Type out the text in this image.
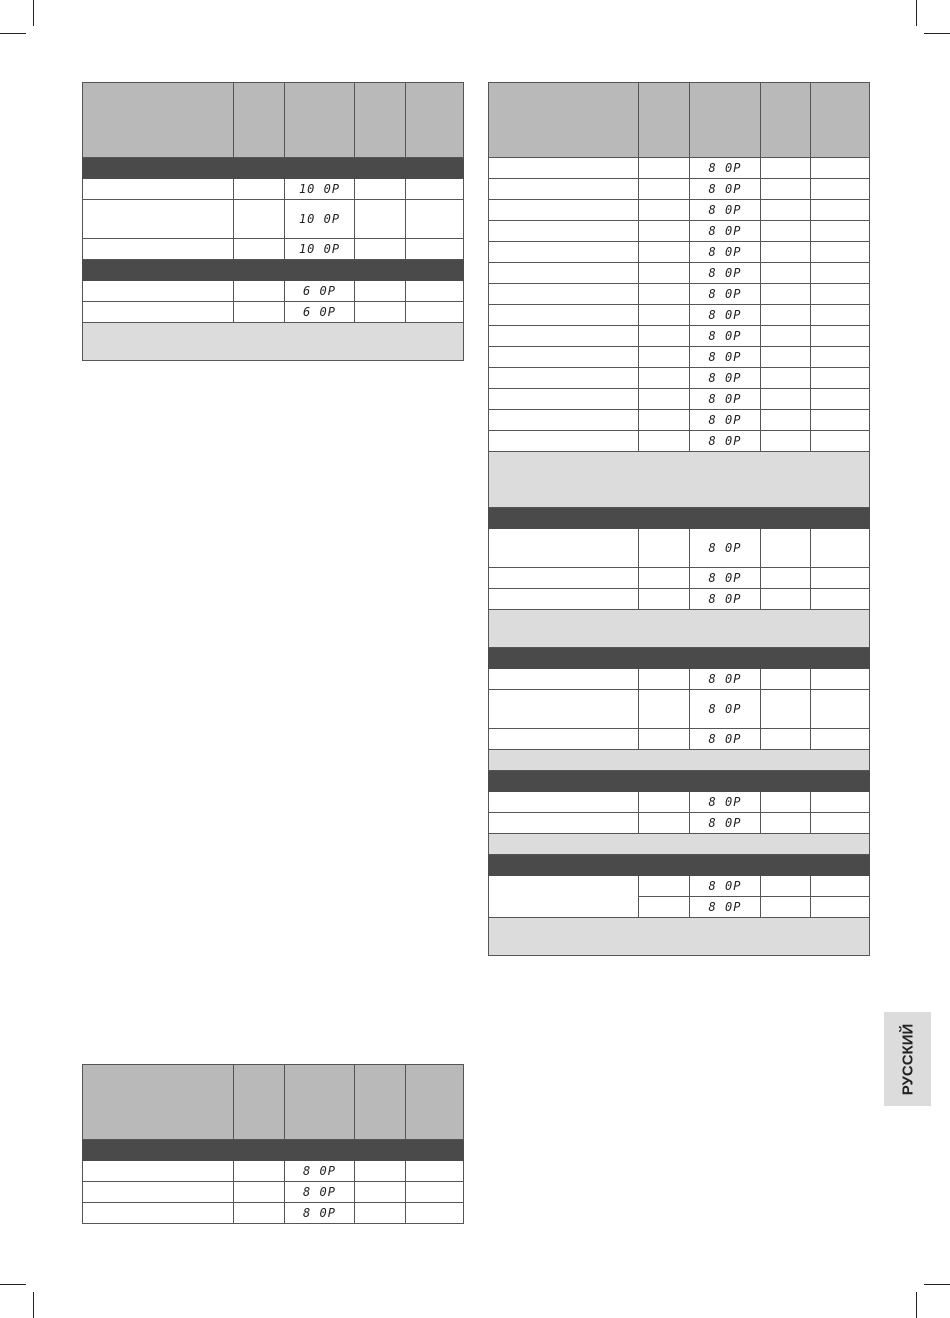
		10 0P		
		10 0P		
		10 0P		

		6 0P		
		6 0P		

		8 0P		
		8 0P		
		8 0P		

		8 0P		
		8 0P		
		8 0P		
		8 0P		
		8 0P		
		8 0P		
		8 0P		
		8 0P		
		8 0P		
		8 0P		
		8 0P		
		8 0P		
		8 0P		
		8 0P		

		8 0P		
		8 0P		
		8 0P		

		8 0P		
		8 0P		
		8 0P		

		8 0P		
		8 0P		

		8 0P		
		8 0P		

РУССКИЙ
